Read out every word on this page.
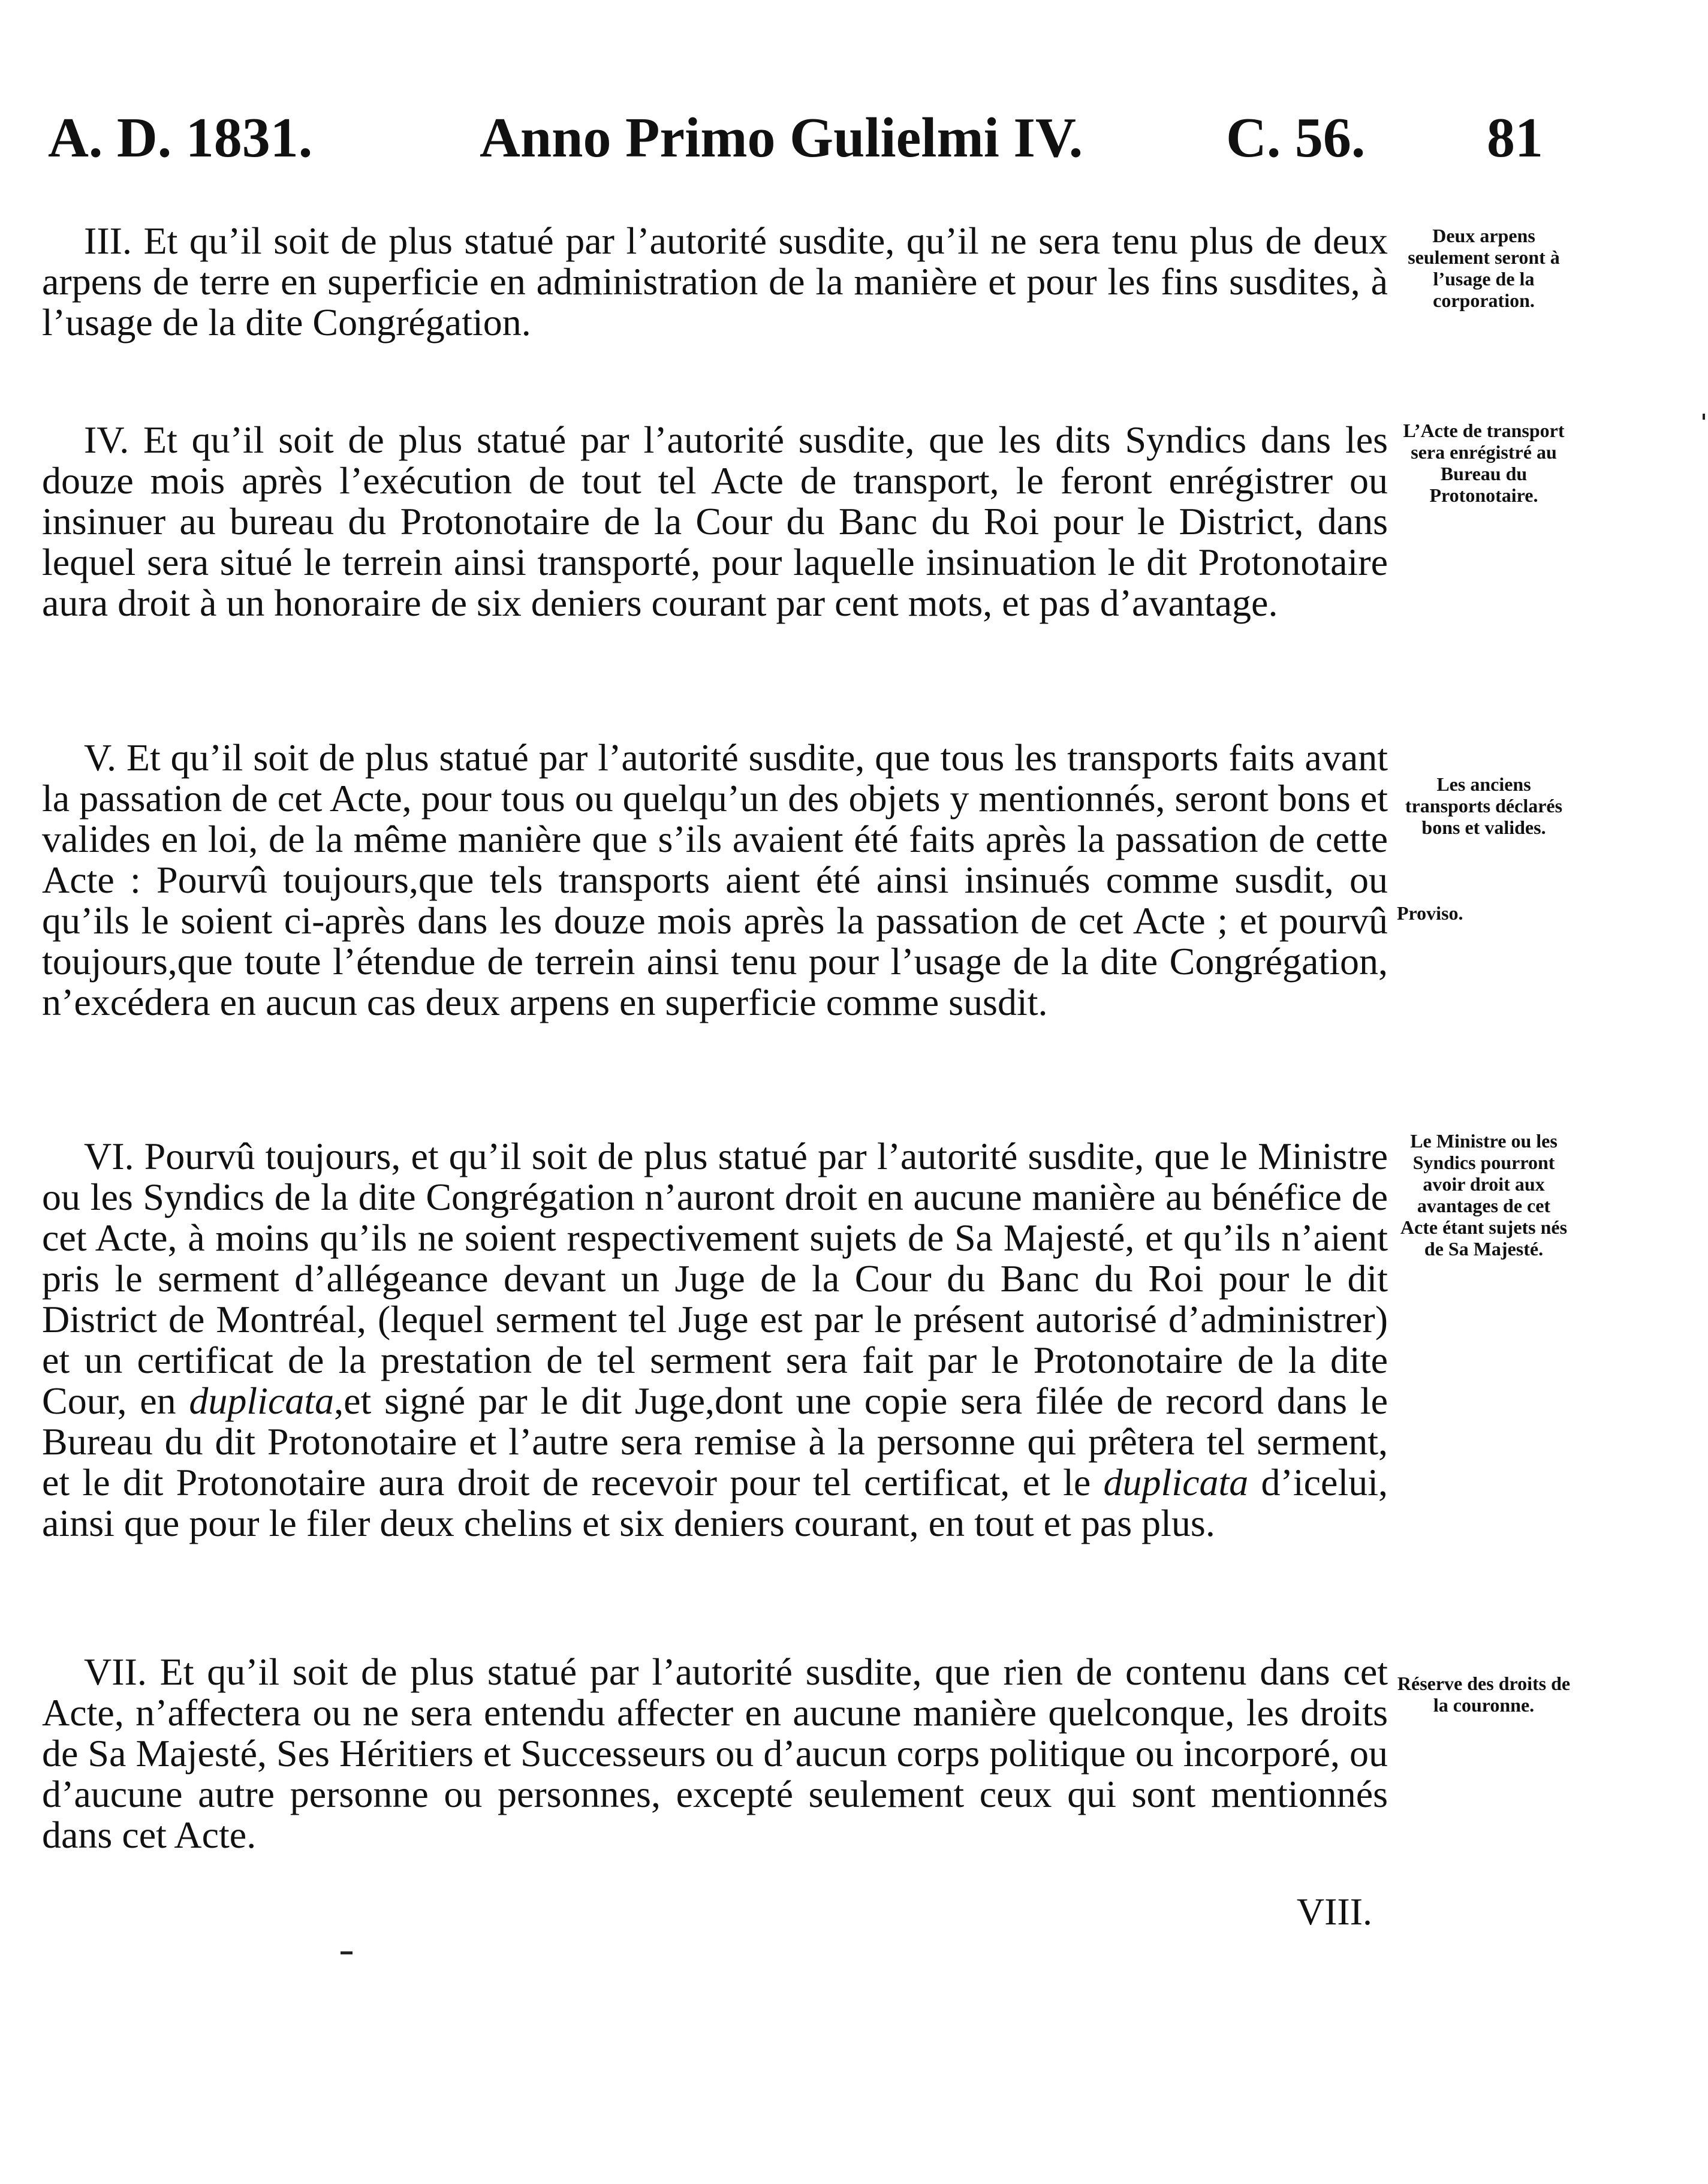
A. D. 1831.	Anno Primo Gulielmi IV.	C. 56. 81

III. Et qu’il soit de plus statué par l’autorité susdite, qu’il ne sera tenu plus de deux arpens de terre en superficie en administration de la manière et pour les fins susdites, à l’usage de la dite Congrégation.

Deux arpens seulement seront à l’usage de la corporation.

IV. Et qu’il soit de plus statué par l’autorité susdite, que les dits Syndics dans les douze mois après l’exécution de tout tel Acte de transport, le feront enrégistrer ou insinuer au bureau du Protonotaire de la Cour du Banc du Roi pour le District, dans lequel sera situé le terrein ainsi transporté, pour laquelle insinuation le dit Protonotaire aura droit à un honoraire de six deniers courant par cent mots, et pas d’avantage.

L’Acte de transport sera enrégistré au Bureau du Protonotaire.

V. Et qu’il soit de plus statué par l’autorité susdite, que tous les transports faits avant la passation de cet Acte, pour tous ou quelqu’un des objets y mentionnés, seront bons et valides en loi, de la même manière que s’ils avaient été faits après la passation de cette Acte : Pourvû toujours,que tels transports aient été ainsi insinués comme susdit, ou qu’ils le soient ci-après dans les douze mois après la passation de cet Acte ; et pourvû toujours,que toute l’étendue de terrein ainsi tenu pour l’usage de la dite Congrégation, n’excédera en aucun cas deux arpens en superficie comme susdit.

Les anciens transports déclarés bons et valides.
Proviso.

VI. Pourvû toujours, et qu’il soit de plus statué par l’autorité susdite, que le Ministre ou les Syndics de la dite Congrégation n’auront droit en aucune manière au bénéfice de cet Acte, à moins qu’ils ne soient respectivement sujets de Sa Majesté, et qu’ils n’aient pris le serment d’allégeance devant un Juge de la Cour du Banc du Roi pour le dit District de Montréal, (lequel serment tel Juge est par le présent autorisé d’administrer) et un certificat de la prestation de tel serment sera fait par le Protonotaire de la dite Cour, en duplicata,et signé par le dit Juge,dont une copie sera filée de record dans le Bureau du dit Protonotaire et l’autre sera remise à la personne qui prêtera tel serment, et le dit Protonotaire aura droit de recevoir pour tel certificat, et le duplicata d’icelui, ainsi que pour le filer deux chelins et six deniers courant, en tout et pas plus.

Le Ministre ou les Syndics pourront avoir droit aux avantages de cet Acte étant sujets nés de Sa Majesté.

VII. Et qu’il soit de plus statué par l’autorité susdite, que rien de contenu dans cet Acte, n’affectera ou ne sera entendu affecter en aucune manière quelconque, les droits de Sa Majesté, Ses Héritiers et Successeurs ou d’aucun corps politique ou incorporé, ou d’aucune autre personne ou personnes, excepté seulement ceux qui sont mentionnés dans cet Acte.

Réserve des droits de la couronne.
VIII.
